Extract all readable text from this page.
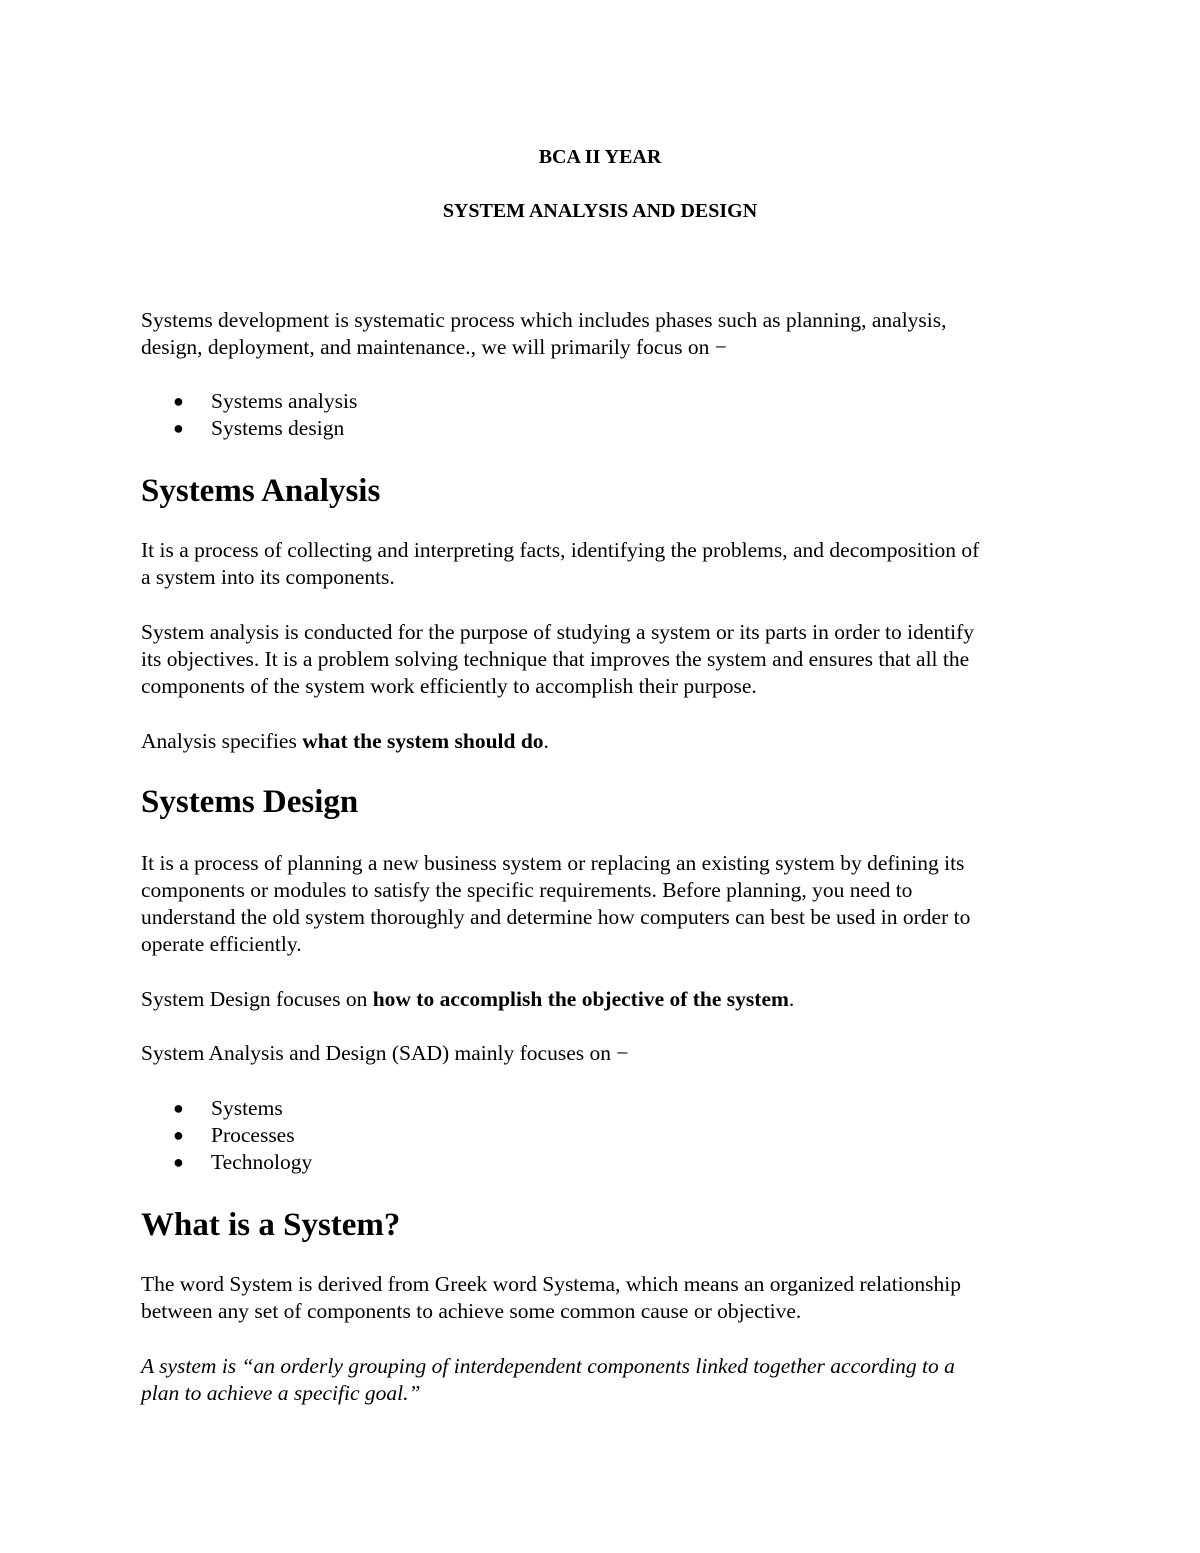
BCA II YEAR

SYSTEM ANALYSIS AND DESIGN

Systems development is systematic process which includes phases such as planning, analysis,
design, deployment, and maintenance., we will primarily focus on −
● Systems analysis
● Systems design
Systems Analysis
It is a process of collecting and interpreting facts, identifying the problems, and decomposition of
a system into its components.
System analysis is conducted for the purpose of studying a system or its parts in order to identify
its objectives. It is a problem solving technique that improves the system and ensures that all the
components of the system work efficiently to accomplish their purpose.
Analysis specifies what the system should do.
Systems Design
It is a process of planning a new business system or replacing an existing system by defining its
components or modules to satisfy the specific requirements. Before planning, you need to
understand the old system thoroughly and determine how computers can best be used in order to
operate efficiently.
System Design focuses on how to accomplish the objective of the system.
System Analysis and Design (SAD) mainly focuses on −
● Systems
● Processes
● Technology
What is a System?
The word System is derived from Greek word Systema, which means an organized relationship
between any set of components to achieve some common cause or objective.
A system is “an orderly grouping of interdependent components linked together according to a
plan to achieve a specific goal.”
